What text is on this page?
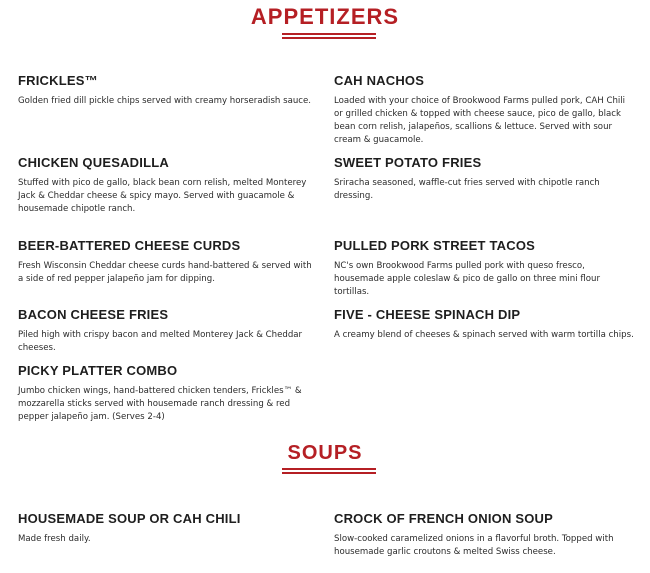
APPETIZERS
FRICKLES™

Golden fried dill pickle chips served with creamy horseradish sauce.

CAH NACHOS

Loaded with your choice of Brookwood Farms pulled pork, CAH Chili or grilled chicken & topped with cheese sauce, pico de gallo, black bean corn relish, jalapeños, scallions & lettuce. Served with sour cream & guacamole.

CHICKEN QUESADILLA

Stuffed with pico de gallo, black bean corn relish, melted Monterey Jack & Cheddar cheese & spicy mayo. Served with guacamole & housemade chipotle ranch.

SWEET POTATO FRIES

Sriracha seasoned, waffle-cut fries served with chipotle ranch dressing.

BEER-BATTERED CHEESE CURDS

Fresh Wisconsin Cheddar cheese curds hand-battered & served with a side of red pepper jalapeño jam for dipping.

PULLED PORK STREET TACOS

NC's own Brookwood Farms pulled pork with queso fresco, housemade apple coleslaw & pico de gallo on three mini flour tortillas.

BACON CHEESE FRIES

Piled high with crispy bacon and melted Monterey Jack & Cheddar cheeses.

FIVE - CHEESE SPINACH DIP

A creamy blend of cheeses & spinach served with warm tortilla chips.

PICKY PLATTER COMBO

Jumbo chicken wings, hand-battered chicken tenders, Frickles™ & mozzarella sticks served with housemade ranch dressing & red pepper jalapeño jam. (Serves 2-4)

SOUPS
HOUSEMADE SOUP OR CAH CHILI

Made fresh daily.

CROCK OF FRENCH ONION SOUP

Slow-cooked caramelized onions in a flavorful broth. Topped with housemade garlic croutons & melted Swiss cheese.
